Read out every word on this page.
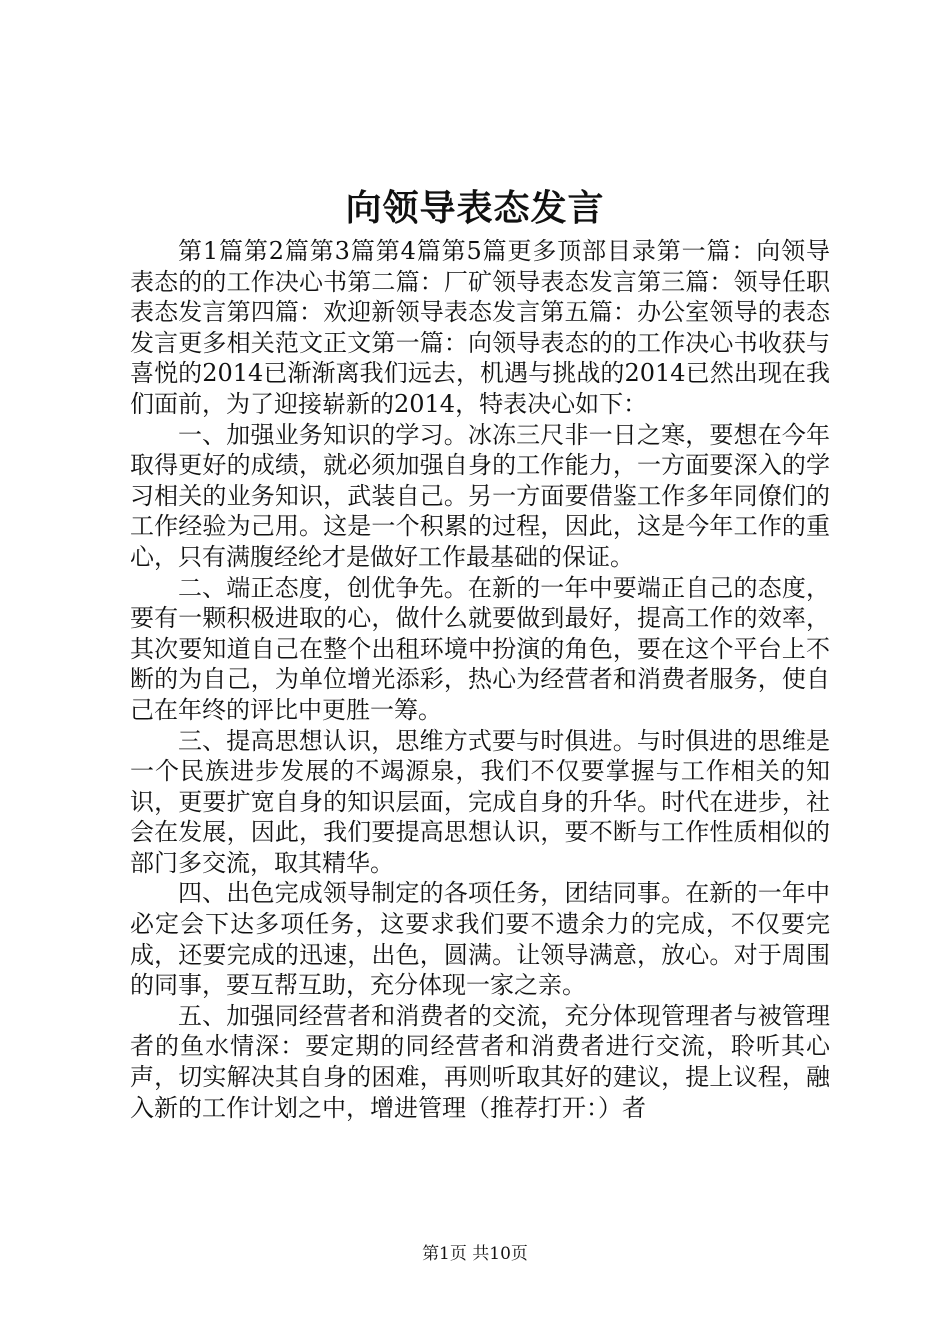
向领导表态发言

第1篇第2篇第3篇第4篇第5篇更多顶部目录第一篇：向领导表态的的工作决心书第二篇：厂矿领导表态发言第三篇：领导任职表态发言第四篇：欢迎新领导表态发言第五篇：办公室领导的表态发言更多相关范文正文第一篇：向领导表态的的工作决心书收获与喜悦的2014已渐渐离我们远去，机遇与挑战的2014已然出现在我们面前，为了迎接崭新的2014，特表决心如下：

一、加强业务知识的学习。冰冻三尺非一日之寒，要想在今年取得更好的成绩，就必须加强自身的工作能力，一方面要深入的学习相关的业务知识，武装自己。另一方面要借鉴工作多年同僚们的工作经验为己用。这是一个积累的过程，因此，这是今年工作的重心，只有满腹经纶才是做好工作最基础的保证。

二、端正态度，创优争先。在新的一年中要端正自己的态度，要有一颗积极进取的心，做什么就要做到最好，提高工作的效率，其次要知道自己在整个出租环境中扮演的角色，要在这个平台上不断的为自己，为单位增光添彩，热心为经营者和消费者服务，使自己在年终的评比中更胜一筹。

三、提高思想认识，思维方式要与时俱进。与时俱进的思维是一个民族进步发展的不竭源泉，我们不仅要掌握与工作相关的知识，更要扩宽自身的知识层面，完成自身的升华。时代在进步，社会在发展，因此，我们要提高思想认识，要不断与工作性质相似的部门多交流，取其精华。

四、出色完成领导制定的各项任务，团结同事。在新的一年中必定会下达多项任务，这要求我们要不遗余力的完成，不仅要完成，还要完成的迅速，出色，圆满。让领导满意，放心。对于周围的同事，要互帮互助，充分体现一家之亲。

五、加强同经营者和消费者的交流，充分体现管理者与被管理者的鱼水情深：要定期的同经营者和消费者进行交流，聆听其心声，切实解决其自身的困难，再则听取其好的建议，提上议程，融入新的工作计划之中，增进管理（推荐打开：）者

第1页 共10页
